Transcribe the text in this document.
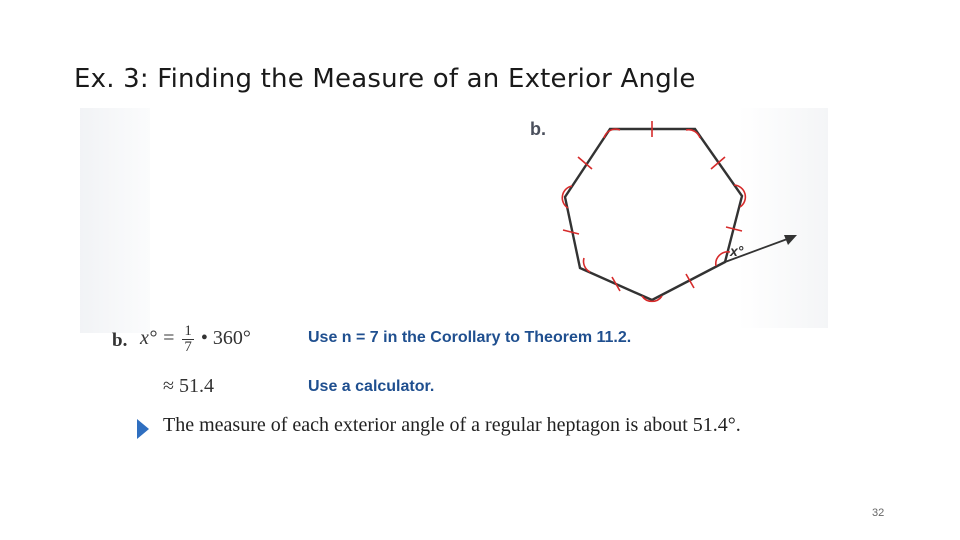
Ex. 3: Finding the Measure of an Exterior Angle
b.
x°
b. $x^\circ = \frac{1}{7}$ • 360°	Use n = 7 in the Corollary to Theorem 11.2.
≈ 51.4	Use a calculator.
The measure of each exterior angle of a regular heptagon is about 51.4°.
32
